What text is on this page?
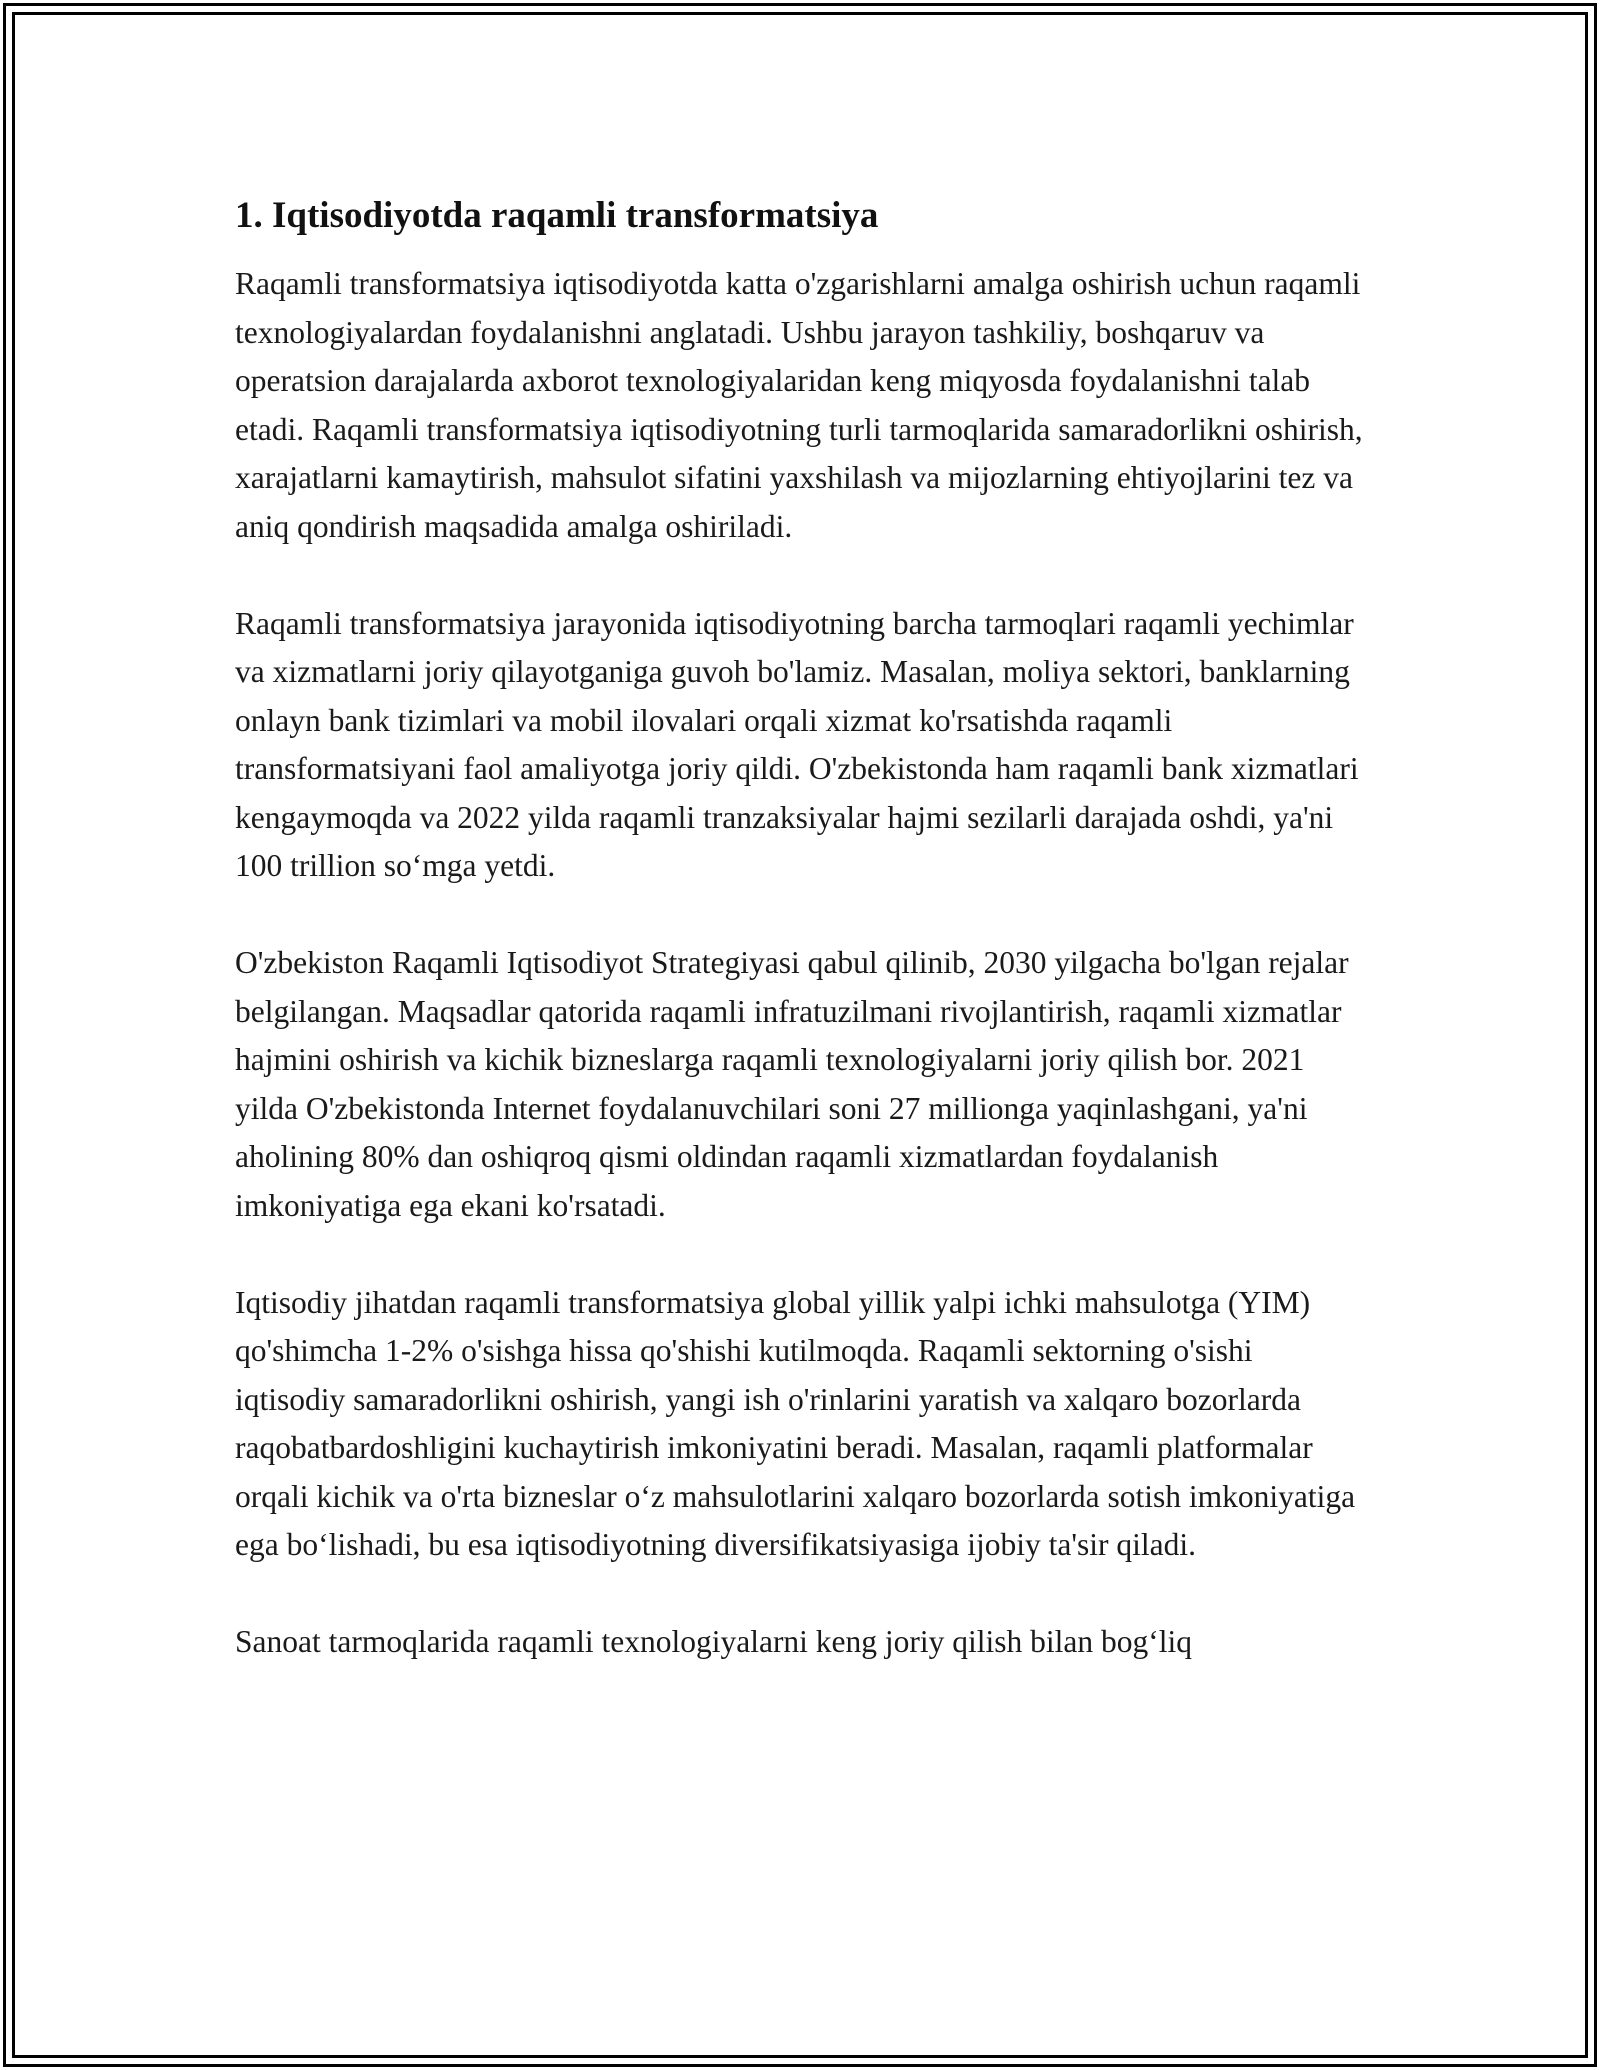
1. Iqtisodiyotda raqamli transformatsiya

Raqamli transformatsiya iqtisodiyotda katta o'zgarishlarni amalga oshirish uchun raqamli texnologiyalardan foydalanishni anglatadi. Ushbu jarayon tashkiliy, boshqaruv va operatsion darajalarda axborot texnologiyalaridan keng miqyosda foydalanishni talab etadi. Raqamli transformatsiya iqtisodiyotning turli tarmoqlarida samaradorlikni oshirish, xarajatlarni kamaytirish, mahsulot sifatini yaxshilash va mijozlarning ehtiyojlarini tez va aniq qondirish maqsadida amalga oshiriladi.

Raqamli transformatsiya jarayonida iqtisodiyotning barcha tarmoqlari raqamli yechimlar va xizmatlarni joriy qilayotganiga guvoh bo'lamiz. Masalan, moliya sektori, banklarning onlayn bank tizimlari va mobil ilovalari orqali xizmat ko'rsatishda raqamli transformatsiyani faol amaliyotga joriy qildi. O'zbekistonda ham raqamli bank xizmatlari kengaymoqda va 2022 yilda raqamli tranzaksiyalar hajmi sezilarli darajada oshdi, ya'ni 100 trillion so‘mga yetdi.

O'zbekiston Raqamli Iqtisodiyot Strategiyasi qabul qilinib, 2030 yilgacha bo'lgan rejalar belgilangan. Maqsadlar qatorida raqamli infratuzilmani rivojlantirish, raqamli xizmatlar hajmini oshirish va kichik bizneslarga raqamli texnologiyalarni joriy qilish bor. 2021 yilda O'zbekistonda Internet foydalanuvchilari soni 27 millionga yaqinlashgani, ya'ni aholining 80% dan oshiqroq qismi oldindan raqamli xizmatlardan foydalanish imkoniyatiga ega ekani ko'rsatadi.

Iqtisodiy jihatdan raqamli transformatsiya global yillik yalpi ichki mahsulotga (YIM) qo'shimcha 1-2% o'sishga hissa qo'shishi kutilmoqda. Raqamli sektorning o'sishi iqtisodiy samaradorlikni oshirish, yangi ish o'rinlarini yaratish va xalqaro bozorlarda raqobatbardoshligini kuchaytirish imkoniyatini beradi. Masalan, raqamli platformalar orqali kichik va o'rta bizneslar o‘z mahsulotlarini xalqaro bozorlarda sotish imkoniyatiga ega bo‘lishadi, bu esa iqtisodiyotning diversifikatsiyasiga ijobiy ta'sir qiladi.

Sanoat tarmoqlarida raqamli texnologiyalarni keng joriy qilish bilan bog‘liq
